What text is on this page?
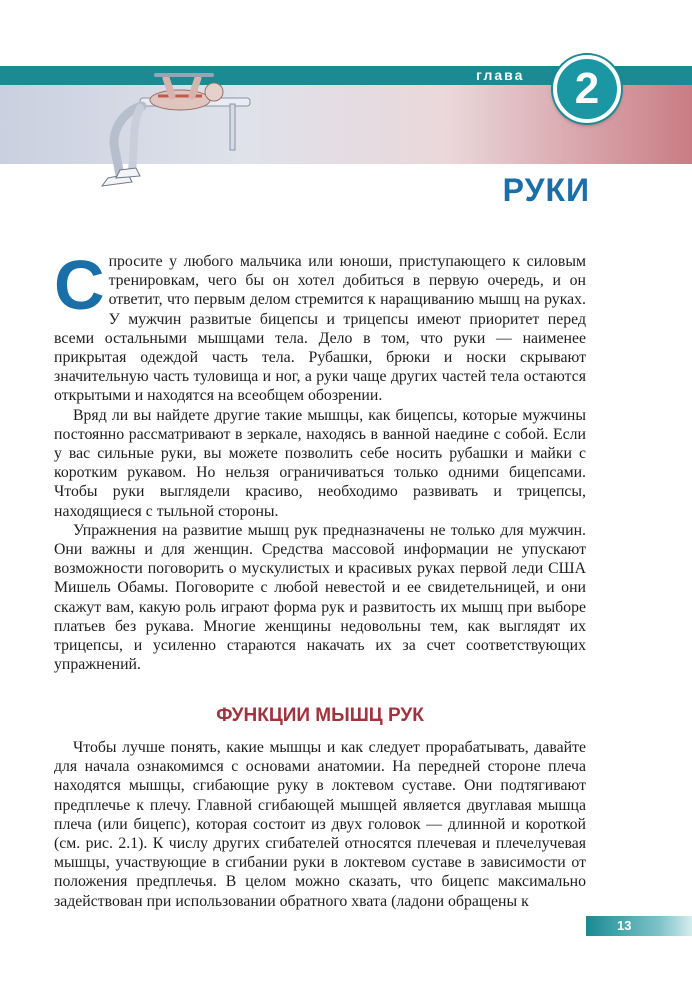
глава	2
РУКИ

Спросите у любого мальчика или юноши, приступающего к силовым тренировкам, чего бы он хотел добиться в первую очередь, и он ответит, что первым делом стремится к наращиванию мышц на руках. У мужчин развитые бицепсы и трицепсы имеют приоритет перед всеми остальными мышцами тела. Дело в том, что руки — наименее прикрытая одеждой часть тела. Рубашки, брюки и носки скрывают значительную часть туловища и ног, а руки чаще других частей тела остаются открытыми и находятся на всеобщем обозрении.

Вряд ли вы найдете другие такие мышцы, как бицепсы, которые мужчины постоянно рассматривают в зеркале, находясь в ванной наедине с собой. Если у вас сильные руки, вы можете позволить себе носить рубашки и майки с коротким рукавом. Но нельзя ограничиваться только одними бицепсами. Чтобы руки выглядели красиво, необходимо развивать и трицепсы, находящиеся с тыльной стороны.

Упражнения на развитие мышц рук предназначены не только для мужчин. Они важны и для женщин. Средства массовой информации не упускают возможности поговорить о мускулистых и красивых руках первой леди США Мишель Обамы. Поговорите с любой невестой и ее свидетельницей, и они скажут вам, какую роль играют форма рук и развитость их мышц при выборе платьев без рукава. Многие женщины недовольны тем, как выглядят их трицепсы, и усиленно стараются накачать их за счет соответствующих упражнений.

ФУНКЦИИ МЫШЦ РУК

Чтобы лучше понять, какие мышцы и как следует прорабатывать, давайте для начала ознакомимся с основами анатомии. На передней стороне плеча находятся мышцы, сгибающие руку в локтевом суставе. Они подтягивают предплечье к плечу. Главной сгибающей мышцей является двуглавая мышца плеча (или бицепс), которая состоит из двух головок — длинной и короткой (см. рис. 2.1). К числу других сгибателей относятся плечевая и плечелучевая мышцы, участвующие в сгибании руки в локтевом суставе в зависимости от положения предплечья. В целом можно сказать, что бицепс максимально задействован при использовании обратного хвата (ладони обращены к

13
